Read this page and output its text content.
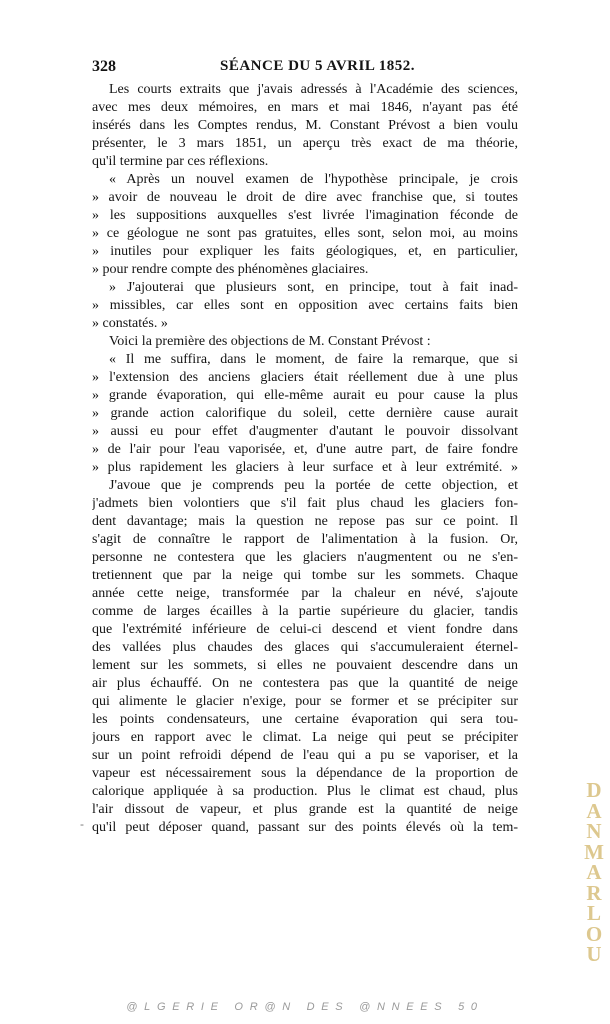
328	SÉANCE DU 5 AVRIL 1852.
Les courts extraits que j'avais adressés à l'Académie des sciences,
avec mes deux mémoires, en mars et mai 1846, n'ayant pas été
insérés dans les Comptes rendus, M. Constant Prévost a bien voulu
présenter, le 3 mars 1851, un aperçu très exact de ma théorie,
qu'il termine par ces réflexions.
« Après un nouvel examen de l'hypothèse principale, je crois
» avoir de nouveau le droit de dire avec franchise que, si toutes
» les suppositions auxquelles s'est livrée l'imagination féconde de
» ce géologue ne sont pas gratuites, elles sont, selon moi, au moins
» inutiles pour expliquer les faits géologiques, et, en particulier,
» pour rendre compte des phénomènes glaciaires.
» J'ajouterai que plusieurs sont, en principe, tout à fait inad-
» missibles, car elles sont en opposition avec certains faits bien
» constatés. »
Voici la première des objections de M. Constant Prévost :
« Il me suffira, dans le moment, de faire la remarque, que si
» l'extension des anciens glaciers était réellement due à une plus
» grande évaporation, qui elle-même aurait eu pour cause la plus
» grande action calorifique du soleil, cette dernière cause aurait
» aussi eu pour effet d'augmenter d'autant le pouvoir dissolvant
» de l'air pour l'eau vaporisée, et, d'une autre part, de faire fondre
» plus rapidement les glaciers à leur surface et à leur extrémité. »
J'avoue que je comprends peu la portée de cette objection, et
j'admets bien volontiers que s'il fait plus chaud les glaciers fon-
dent davantage; mais la question ne repose pas sur ce point. Il
s'agit de connaître le rapport de l'alimentation à la fusion. Or,
personne ne contestera que les glaciers n'augmentent ou ne s'en-
tretiennent que par la neige qui tombe sur les sommets. Chaque
année cette neige, transformée par la chaleur en névé, s'ajoute
comme de larges écailles à la partie supérieure du glacier, tandis
que l'extrémité inférieure de celui-ci descend et vient fondre dans
des vallées plus chaudes des glaces qui s'accumuleraient éternel-
lement sur les sommets, si elles ne pouvaient descendre dans un
air plus échauffé. On ne contestera pas que la quantité de neige
qui alimente le glacier n'exige, pour se former et se précipiter sur
les points condensateurs, une certaine évaporation qui sera tou-
jours en rapport avec le climat. La neige qui peut se précipiter
sur un point refroidi dépend de l'eau qui a pu se vaporiser, et la
vapeur est nécessairement sous la dépendance de la proportion de
calorique appliquée à sa production. Plus le climat est chaud, plus
l'air dissout de vapeur, et plus grande est la quantité de neige
qu'il peut déposer quand, passant sur des points élevés où la tem-
-
D
A
N
M
A
R
L
O
U
@LGERIE OR@N DES @NNEES 50
